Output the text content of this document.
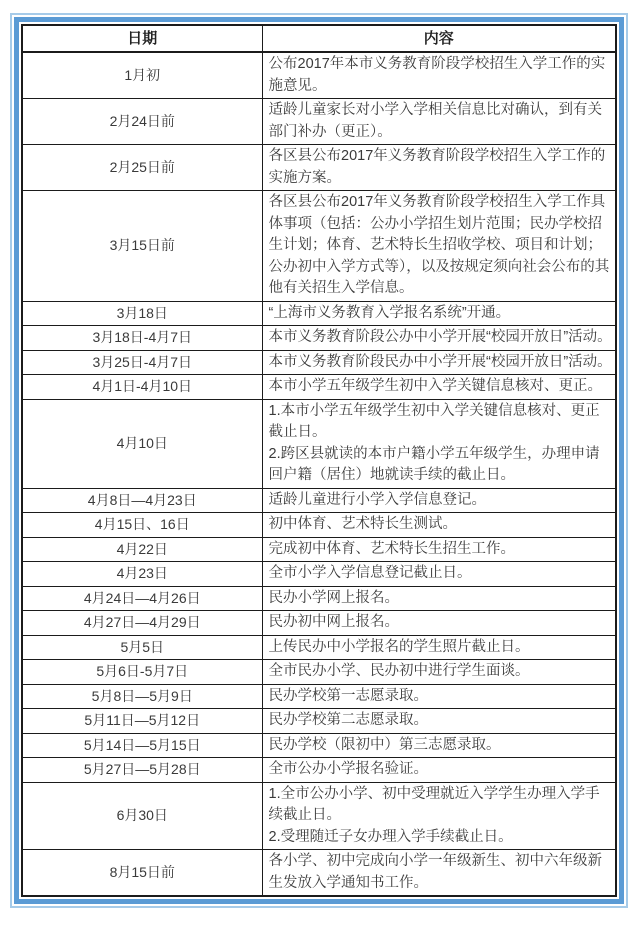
日期	内容
1月初	公布2017年本市义务教育阶段学校招生入学工作的实施意见。

2月24日前	适龄儿童家长对小学入学相关信息比对确认，到有关部门补办（更正）。

2月25日前	各区县公布2017年义务教育阶段学校招生入学工作的实施方案。

3月15日前	各区县公布2017年义务教育阶段学校招生入学工作具体事项（包括：公办小学招生划片范围；民办学校招生计划；体育、艺术特长生招收学校、项目和计划；公办初中入学方式等），以及按规定须向社会公布的其他有关招生入学信息。

3月18日	“上海市义务教育入学报名系统”开通。

3月18日-4月7日	本市义务教育阶段公办中小学开展“校园开放日”活动。

3月25日-4月7日	本市义务教育阶段民办中小学开展“校园开放日”活动。

4月1日-4月10日	本市小学五年级学生初中入学关键信息核对、更正。

4月10日	1.本市小学五年级学生初中入学关键信息核对、更正截止日。
2.跨区县就读的本市户籍小学五年级学生，办理申请回户籍（居住）地就读手续的截止日。

4月8日—4月23日	适龄儿童进行小学入学信息登记。

4月15日、16日	初中体育、艺术特长生测试。

4月22日	完成初中体育、艺术特长生招生工作。

4月23日	全市小学入学信息登记截止日。

4月24日—4月26日	民办小学网上报名。

4月27日—4月29日	民办初中网上报名。

5月5日	上传民办中小学报名的学生照片截止日。

5月6日-5月7日	全市民办小学、民办初中进行学生面谈。

5月8日—5月9日	民办学校第一志愿录取。

5月11日—5月12日	民办学校第二志愿录取。

5月14日—5月15日	民办学校（限初中）第三志愿录取。

5月27日—5月28日	全市公办小学报名验证。

6月30日	1.全市公办小学、初中受理就近入学学生办理入学手续截止日。
2.受理随迁子女办理入学手续截止日。

8月15日前	各小学、初中完成向小学一年级新生、初中六年级新生发放入学通知书工作。
